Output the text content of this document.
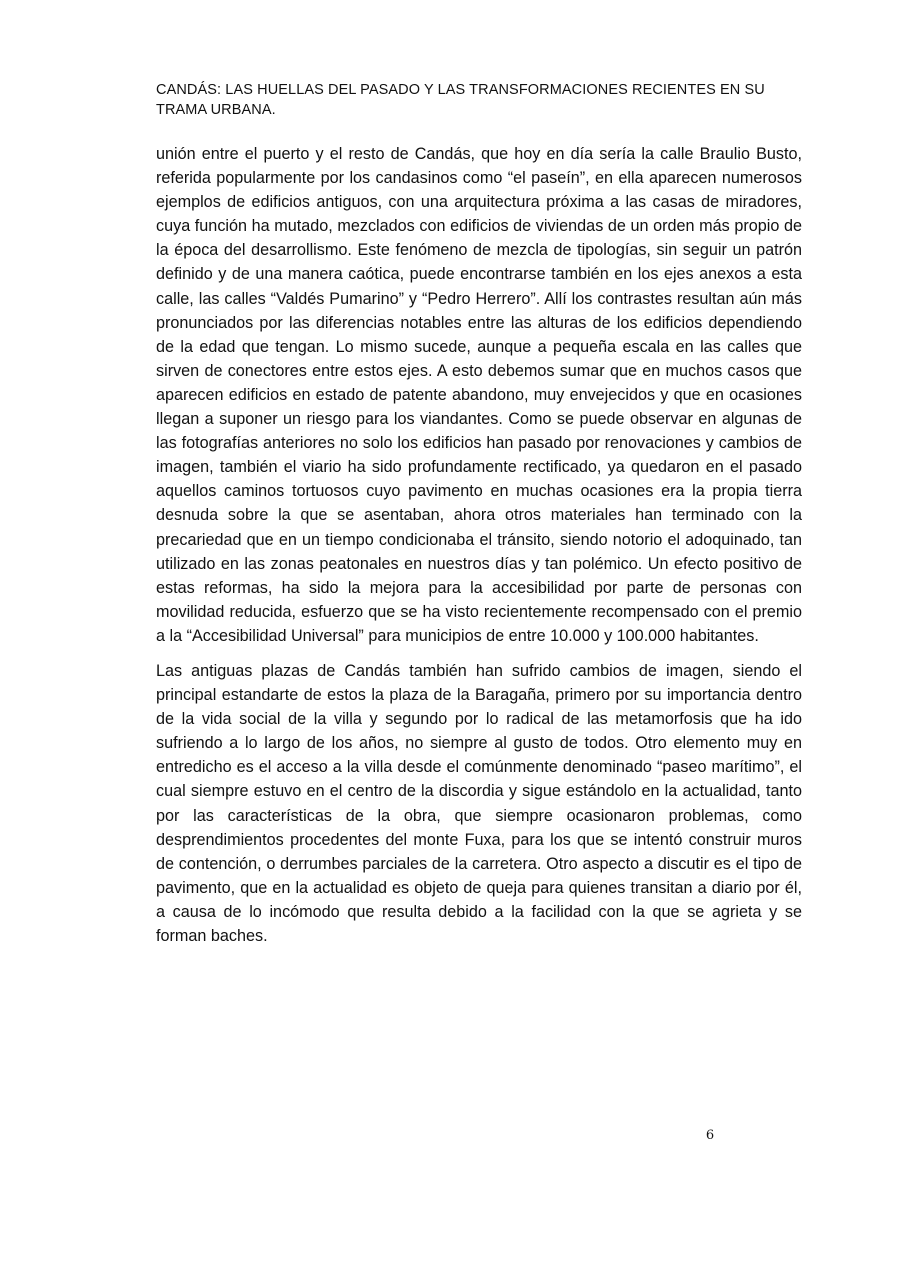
CANDÁS: LAS HUELLAS DEL PASADO Y LAS TRANSFORMACIONES RECIENTES EN SU TRAMA URBANA.

unión entre el puerto y el resto de Candás, que hoy en día sería la calle Braulio Busto, referida popularmente por los candasinos como “el paseín”, en ella aparecen numerosos ejemplos de edificios antiguos, con una arquitectura próxima a las casas de miradores, cuya función ha mutado, mezclados con edificios de viviendas de un orden más propio de la época del desarrollismo. Este fenómeno de mezcla de tipologías, sin seguir un patrón definido y de una manera caótica, puede encontrarse también en los ejes anexos a esta calle, las calles “Valdés Pumarino” y “Pedro Herrero”. Allí los contrastes resultan aún más pronunciados por las diferencias notables entre las alturas de los edificios dependiendo de la edad que tengan. Lo mismo sucede, aunque a pequeña escala en las calles que sirven de conectores entre estos ejes. A esto debemos sumar que en muchos casos que aparecen edificios en estado de patente abandono, muy envejecidos y que en ocasiones llegan a suponer un riesgo para los viandantes. Como se puede observar en algunas de las fotografías anteriores no solo los edificios han pasado por renovaciones y cambios de imagen, también el viario ha sido profundamente rectificado, ya quedaron en el pasado aquellos caminos tortuosos cuyo pavimento en muchas ocasiones era la propia tierra desnuda sobre la que se asentaban, ahora otros materiales han terminado con la precariedad que en un tiempo condicionaba el tránsito, siendo notorio el adoquinado, tan utilizado en las zonas peatonales en nuestros días y tan polémico. Un efecto positivo de estas reformas, ha sido la mejora para la accesibilidad por parte de personas con movilidad reducida, esfuerzo que se ha visto recientemente recompensado con el premio a la “Accesibilidad Universal” para municipios de entre 10.000 y 100.000 habitantes.

Las antiguas plazas de Candás también han sufrido cambios de imagen, siendo el principal estandarte de estos la plaza de la Baragaña, primero por su importancia dentro de la vida social de la villa y segundo por lo radical de las metamorfosis que ha ido sufriendo a lo largo de los años, no siempre al gusto de todos. Otro elemento muy en entredicho es el acceso a la villa desde el comúnmente denominado “paseo marítimo”, el cual siempre estuvo en el centro de la discordia y sigue estándolo en la actualidad, tanto por las características de la obra, que siempre ocasionaron problemas, como desprendimientos procedentes del monte Fuxa, para los que se intentó construir muros de contención, o derrumbes parciales de la carretera. Otro aspecto a discutir es el tipo de pavimento, que en la actualidad es objeto de queja para quienes transitan a diario por él, a causa de lo incómodo que resulta debido a la facilidad con la que se agrieta y se forman baches.

6
